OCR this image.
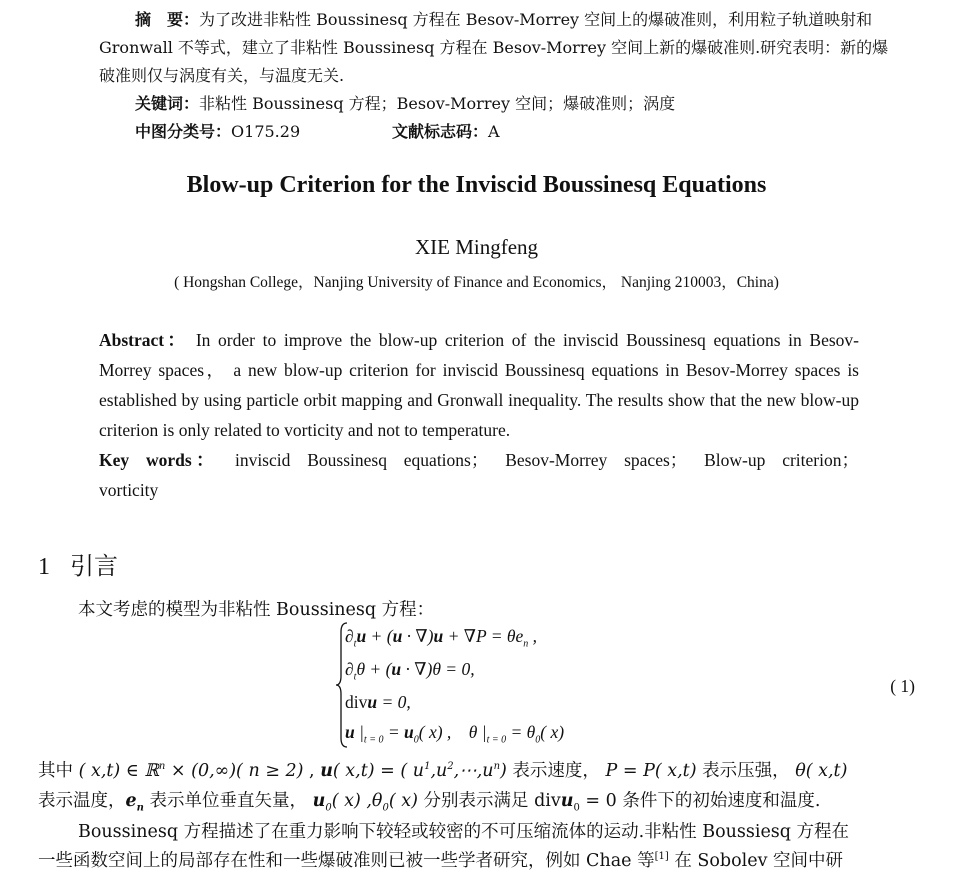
摘　要：为了改进非粘性 Boussinesq 方程在 Besov-Morrey 空间上的爆破准则，利用粒子轨道映射和
Gronwall 不等式，建立了非粘性 Boussinesq 方程在 Besov-Morrey 空间上新的爆破准则.研究表明：新的爆
破准则仅与涡度有关，与温度无关.
关键词：非粘性 Boussinesq 方程；Besov-Morrey 空间；爆破准则；涡度
中图分类号：O175.29	文献标志码：A
Blow-up Criterion for the Inviscid Boussinesq Equations
XIE Mingfeng
( Hongshan College，Nanjing University of Finance and Economics， Nanjing 210003，China)
Abstract： In order to improve the blow-up criterion of the inviscid Boussinesq equations in Besov-Morrey spaces， a new blow-up criterion for inviscid Boussinesq equations in Besov-Morrey spaces is established by using particle orbit mapping and Gronwall inequality. The results show that the new blow-up criterion is only related to vorticity and not to temperature.
Key words： inviscid Boussinesq equations； Besov-Morrey spaces； Blow-up criterion； vorticity
1 引言
本文考虑的模型为非粘性 Boussinesq 方程：
$\partial_tu + (u \cdot \nabla)u + \nabla P = \theta e_n$ ,
$\partial_t\theta + (u \cdot \nabla)\theta = 0$,
divu = 0,
u $|_{t = 0} = u_0$( x) ,    θ $|_{t = 0} = \theta_0$( x)
( 1)
其中 ( x,t) ∈ ℝ$^n$ × (0,∞)( n ≥ 2) , u( x,t) = ( $u^1,u^2,\cdots,u^n$) 表示速度， P = P( x,t) 表示压强， θ( x,t)
表示温度，$e_n$ 表示单位垂直矢量， $u_0$( x) $,\theta_0$( x) 分别表示满足 divu$_0$ = 0 条件下的初始速度和温度.
Boussinesq 方程描述了在重力影响下较轻或较密的不可压缩流体的运动.非粘性 Boussiesq 方程在
一些函数空间上的局部存在性和一些爆破准则已被一些学者研究，例如 Chae 等[1] 在 Sobolev 空间中研
